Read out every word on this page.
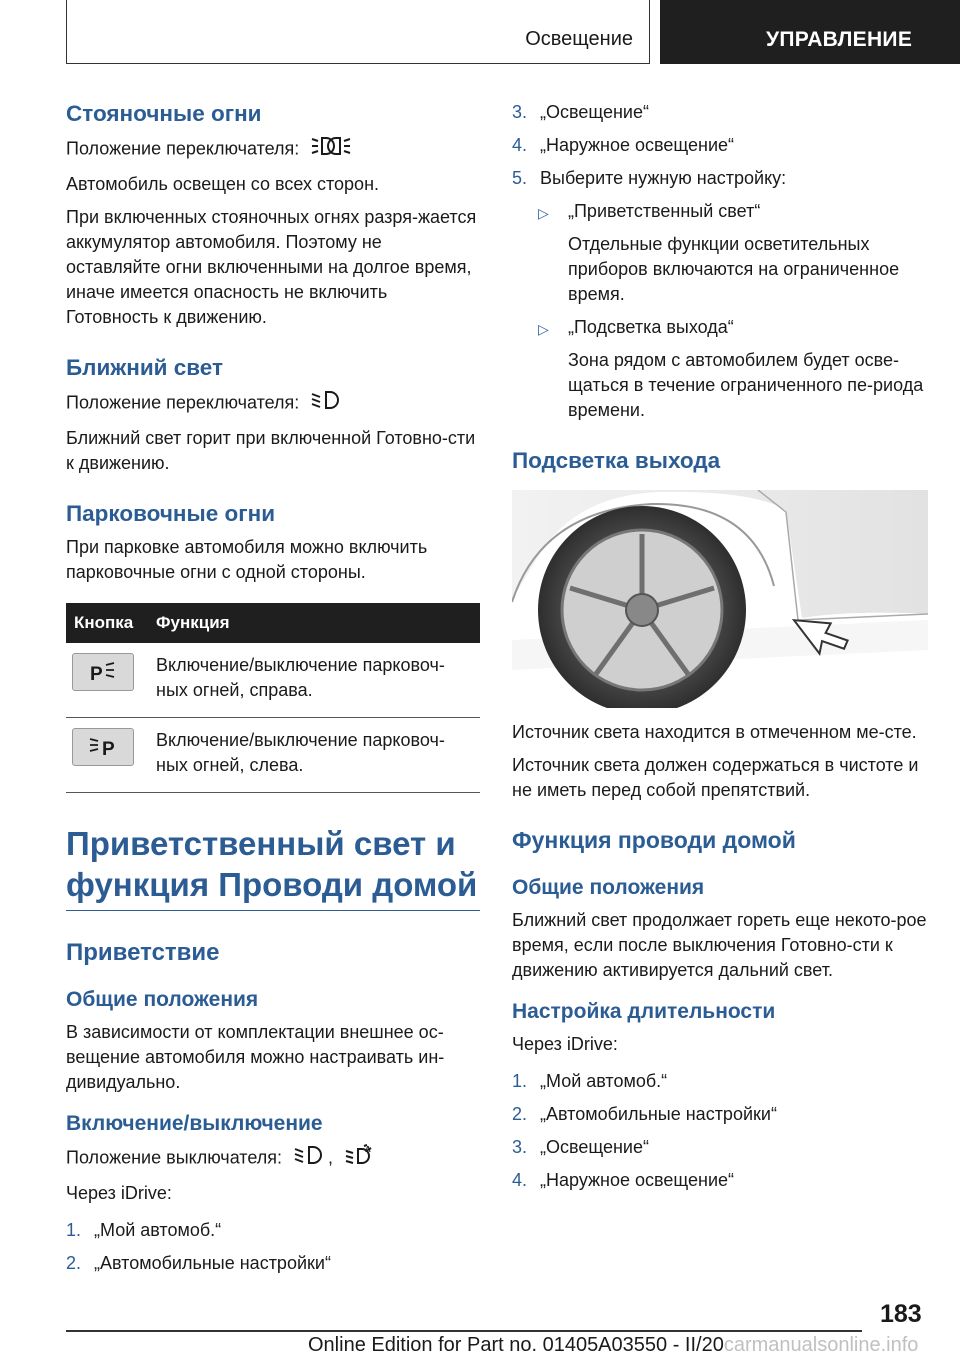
Освещение	УПРАВЛЕНИЕ
Стояночные огни
Положение переключателя:
Автомобиль освещен со всех сторон.
При включенных стояночных огнях разря-жается аккумулятор автомобиля. Поэтому не оставляйте огни включенными на долгое время, иначе имеется опасность не включить Готовность к движению.
Ближний свет
Положение переключателя:
Ближний свет горит при включенной Готовно-сти к движению.
Парковочные огни
При парковке автомобиля можно включить парковочные огни с одной стороны.
Кнопка	Функция

P	Включение/выключение парковоч-ных огней, справа.

P	Включение/выключение парковоч-ных огней, слева.
Приветственный свет и функция Проводи домой
Приветствие
Общие положения
В зависимости от комплектации внешнее ос-вещение автомобиля можно настраивать ин-дивидуально.
Включение/выключение
Положение выключателя:	,	A
Через iDrive:
1. „Мой автомоб.“
2. „Автомобильные настройки“
3. „Освещение“
4. „Наружное освещение“
5. Выберите нужную настройку:
▷	„Приветственный свет“
Отдельные функции осветительных приборов включаются на ограниченное время.
▷	„Подсветка выхода“
Зона рядом с автомобилем будет осве-щаться в течение ограниченного пе-риода времени.
Подсветка выхода
Источник света находится в отмеченном ме-сте.
Источник света должен содержаться в чистоте и не иметь перед собой препятствий.
Функция проводи домой
Общие положения
Ближний свет продолжает гореть еще некото-рое время, если после выключения Готовно-сти к движению активируется дальний свет.
Настройка длительности
Через iDrive:
1. „Мой автомоб.“
2. „Автомобильные настройки“
3. „Освещение“
4. „Наружное освещение“
183
Online Edition for Part no. 01405A03550 - II/20carmanualsonline.info
